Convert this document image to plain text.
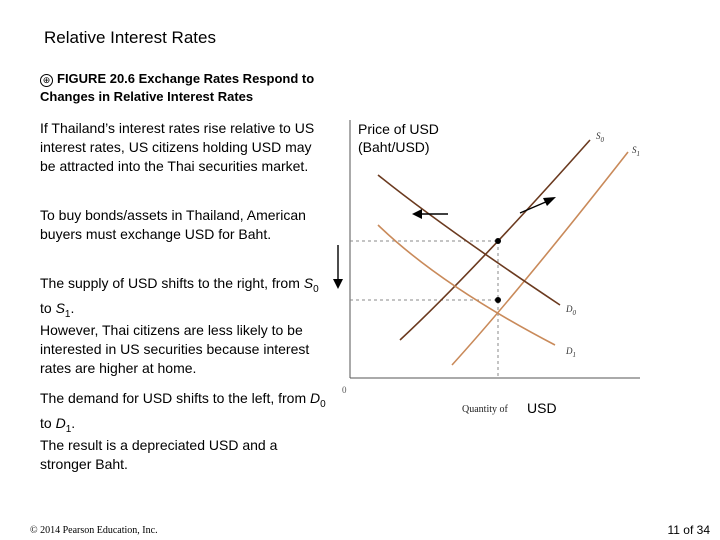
Relative Interest Rates
⊕ FIGURE 20.6 Exchange Rates Respond to Changes in Relative Interest Rates
If Thailand’s interest rates rise relative to US interest rates, US citizens holding USD may be attracted into the Thai securities market.
To buy bonds/assets in Thailand, American buyers must exchange USD for Baht.
The supply of USD shifts to the right, from $S_0$ to $S_1$.
However, Thai citizens are less likely to be interested in US securities because interest rates are higher at home.
The demand for USD shifts to the left, from $D_0$ to $D_1$.
The result is a depreciated USD and a stronger Baht.
Price of USD
(Baht/USD)
0
Quantity of USD
$S_0$
$S_1$
$D_0$
$D_1$
© 2014 Pearson Education, Inc.	11 of 34
